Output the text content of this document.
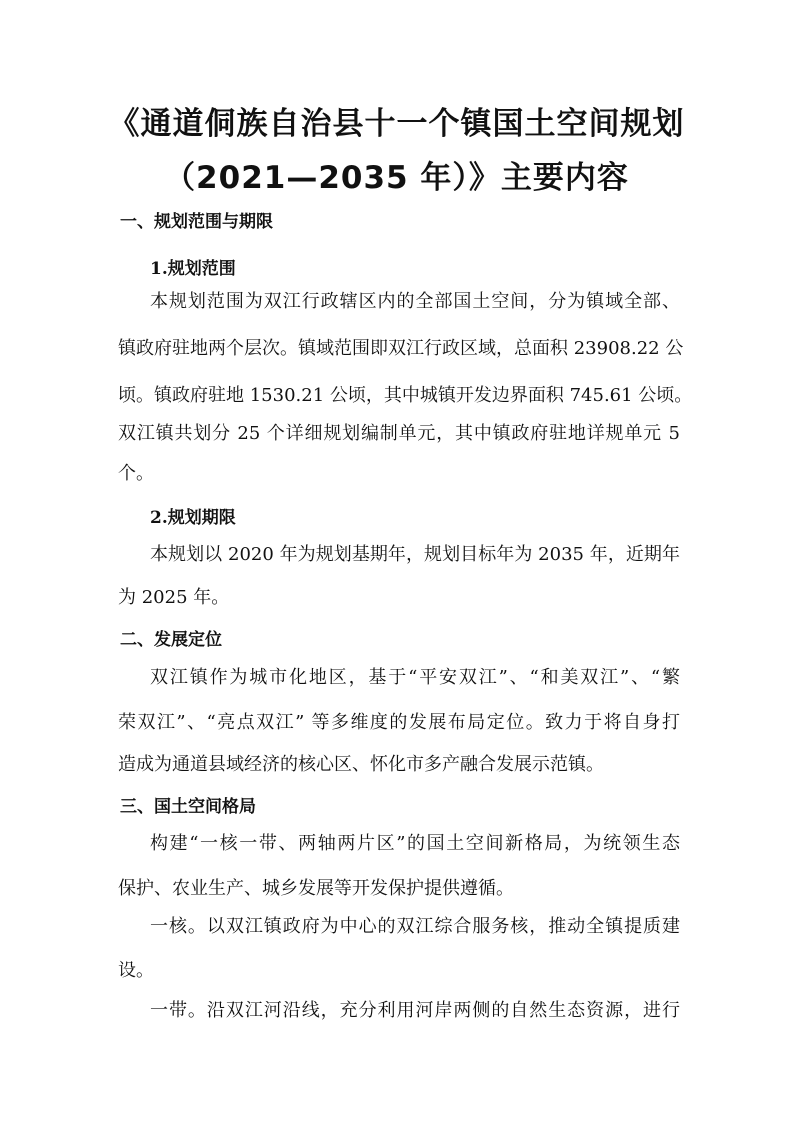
《通道侗族自治县十一个镇国土空间规划
（2021—2035 年）》主要内容
一、规划范围与期限
1.规划范围

本规划范围为双江行政辖区内的全部国土空间，分为镇域全部、

镇政府驻地两个层次。镇域范围即双江行政区域，总面积 23908.22 公

顷。镇政府驻地 1530.21 公顷，其中城镇开发边界面积 745.61 公顷。

双江镇共划分 25 个详细规划编制单元，其中镇政府驻地详规单元 5

个。

2.规划期限

本规划以 2020 年为规划基期年，规划目标年为 2035 年，近期年

为 2025 年。

二、发展定位

双江镇作为城市化地区，基于“平安双江”、“和美双江”、“繁

荣双江”、“亮点双江” 等多维度的发展布局定位。致力于将自身打

造成为通道县域经济的核心区、怀化市多产融合发展示范镇。

三、国土空间格局

构建“一核一带、两轴两片区”的国土空间新格局，为统领生态

保护、农业生产、城乡发展等开发保护提供遵循。

一核。以双江镇政府为中心的双江综合服务核，推动全镇提质建

设。

一带。沿双江河沿线，充分利用河岸两侧的自然生态资源，进行
